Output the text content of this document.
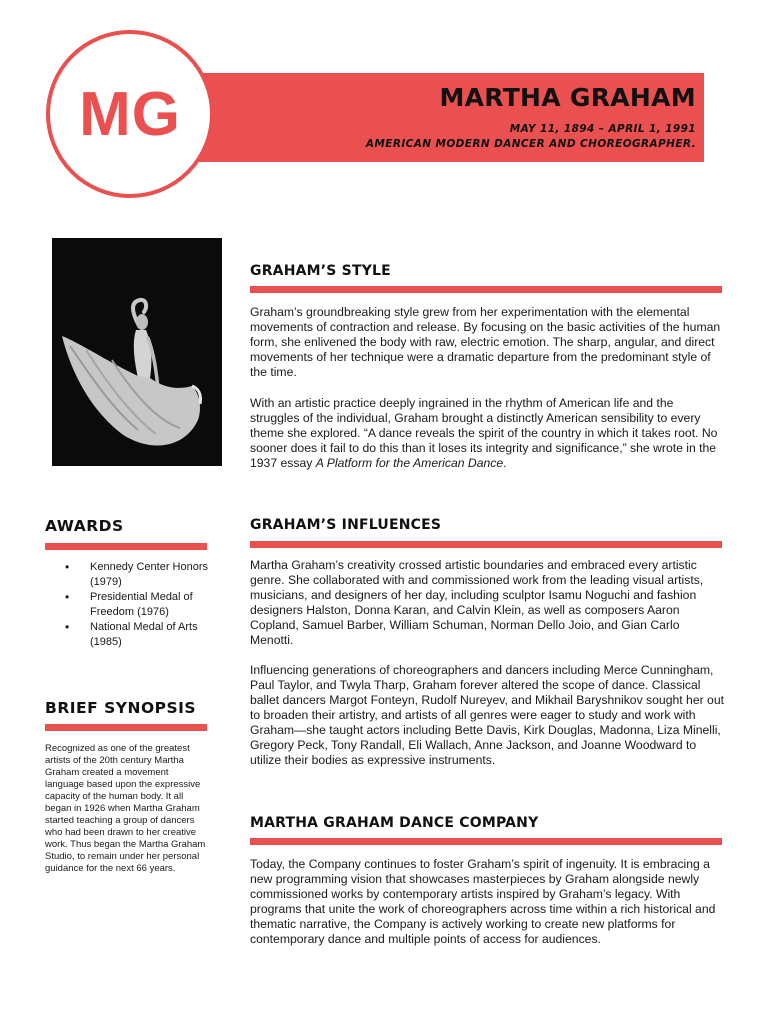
MG	MARTHA GRAHAM
MAY 11, 1894 – APRIL 1, 1991
AMERICAN MODERN DANCER AND CHOREOGRAPHER.
GRAHAM’S STYLE

Graham’s groundbreaking style grew from her experimentation with the elemental movements of contraction and release. By focusing on the basic activities of the human form, she enlivened the body with raw, electric emotion. The sharp, angular, and direct movements of her technique were a dramatic departure from the predominant style of the time.

With an artistic practice deeply ingrained in the rhythm of American life and the struggles of the individual, Graham brought a distinctly American sensibility to every theme she explored. “A dance reveals the spirit of the country in which it takes root. No sooner does it fail to do this than it loses its integrity and significance,” she wrote in the 1937 essay A Platform for the American Dance.

GRAHAM’S INFLUENCES

Martha Graham’s creativity crossed artistic boundaries and embraced every artistic genre. She collaborated with and commissioned work from the leading visual artists, musicians, and designers of her day, including sculptor Isamu Noguchi and fashion designers Halston, Donna Karan, and Calvin Klein, as well as composers Aaron Copland, Samuel Barber, William Schuman, Norman Dello Joio, and Gian Carlo Menotti.

Influencing generations of choreographers and dancers including Merce Cunningham, Paul Taylor, and Twyla Tharp, Graham forever altered the scope of dance. Classical ballet dancers Margot Fonteyn, Rudolf Nureyev, and Mikhail Baryshnikov sought her out to broaden their artistry, and artists of all genres were eager to study and work with Graham—she taught actors including Bette Davis, Kirk Douglas, Madonna, Liza Minelli, Gregory Peck, Tony Randall, Eli Wallach, Anne Jackson, and Joanne Woodward to utilize their bodies as expressive instruments.

MARTHA GRAHAM DANCE COMPANY

Today, the Company continues to foster Graham’s spirit of ingenuity. It is embracing a new programming vision that showcases masterpieces by Graham alongside newly commissioned works by contemporary artists inspired by Graham’s legacy. With programs that unite the work of choreographers across time within a rich historical and thematic narrative, the Company is actively working to create new platforms for contemporary dance and multiple points of access for audiences.

AWARDS
• Kennedy Center Honors (1979)
• Presidential Medal of Freedom (1976)
• National Medal of Arts (1985)
BRIEF SYNOPSIS

Recognized as one of the greatest artists of the 20th century Martha Graham created a movement language based upon the expressive capacity of the human body. It all began in 1926 when Martha Graham started teaching a group of dancers who had been drawn to her creative work. Thus began the Martha Graham Studio, to remain under her personal guidance for the next 66 years.
